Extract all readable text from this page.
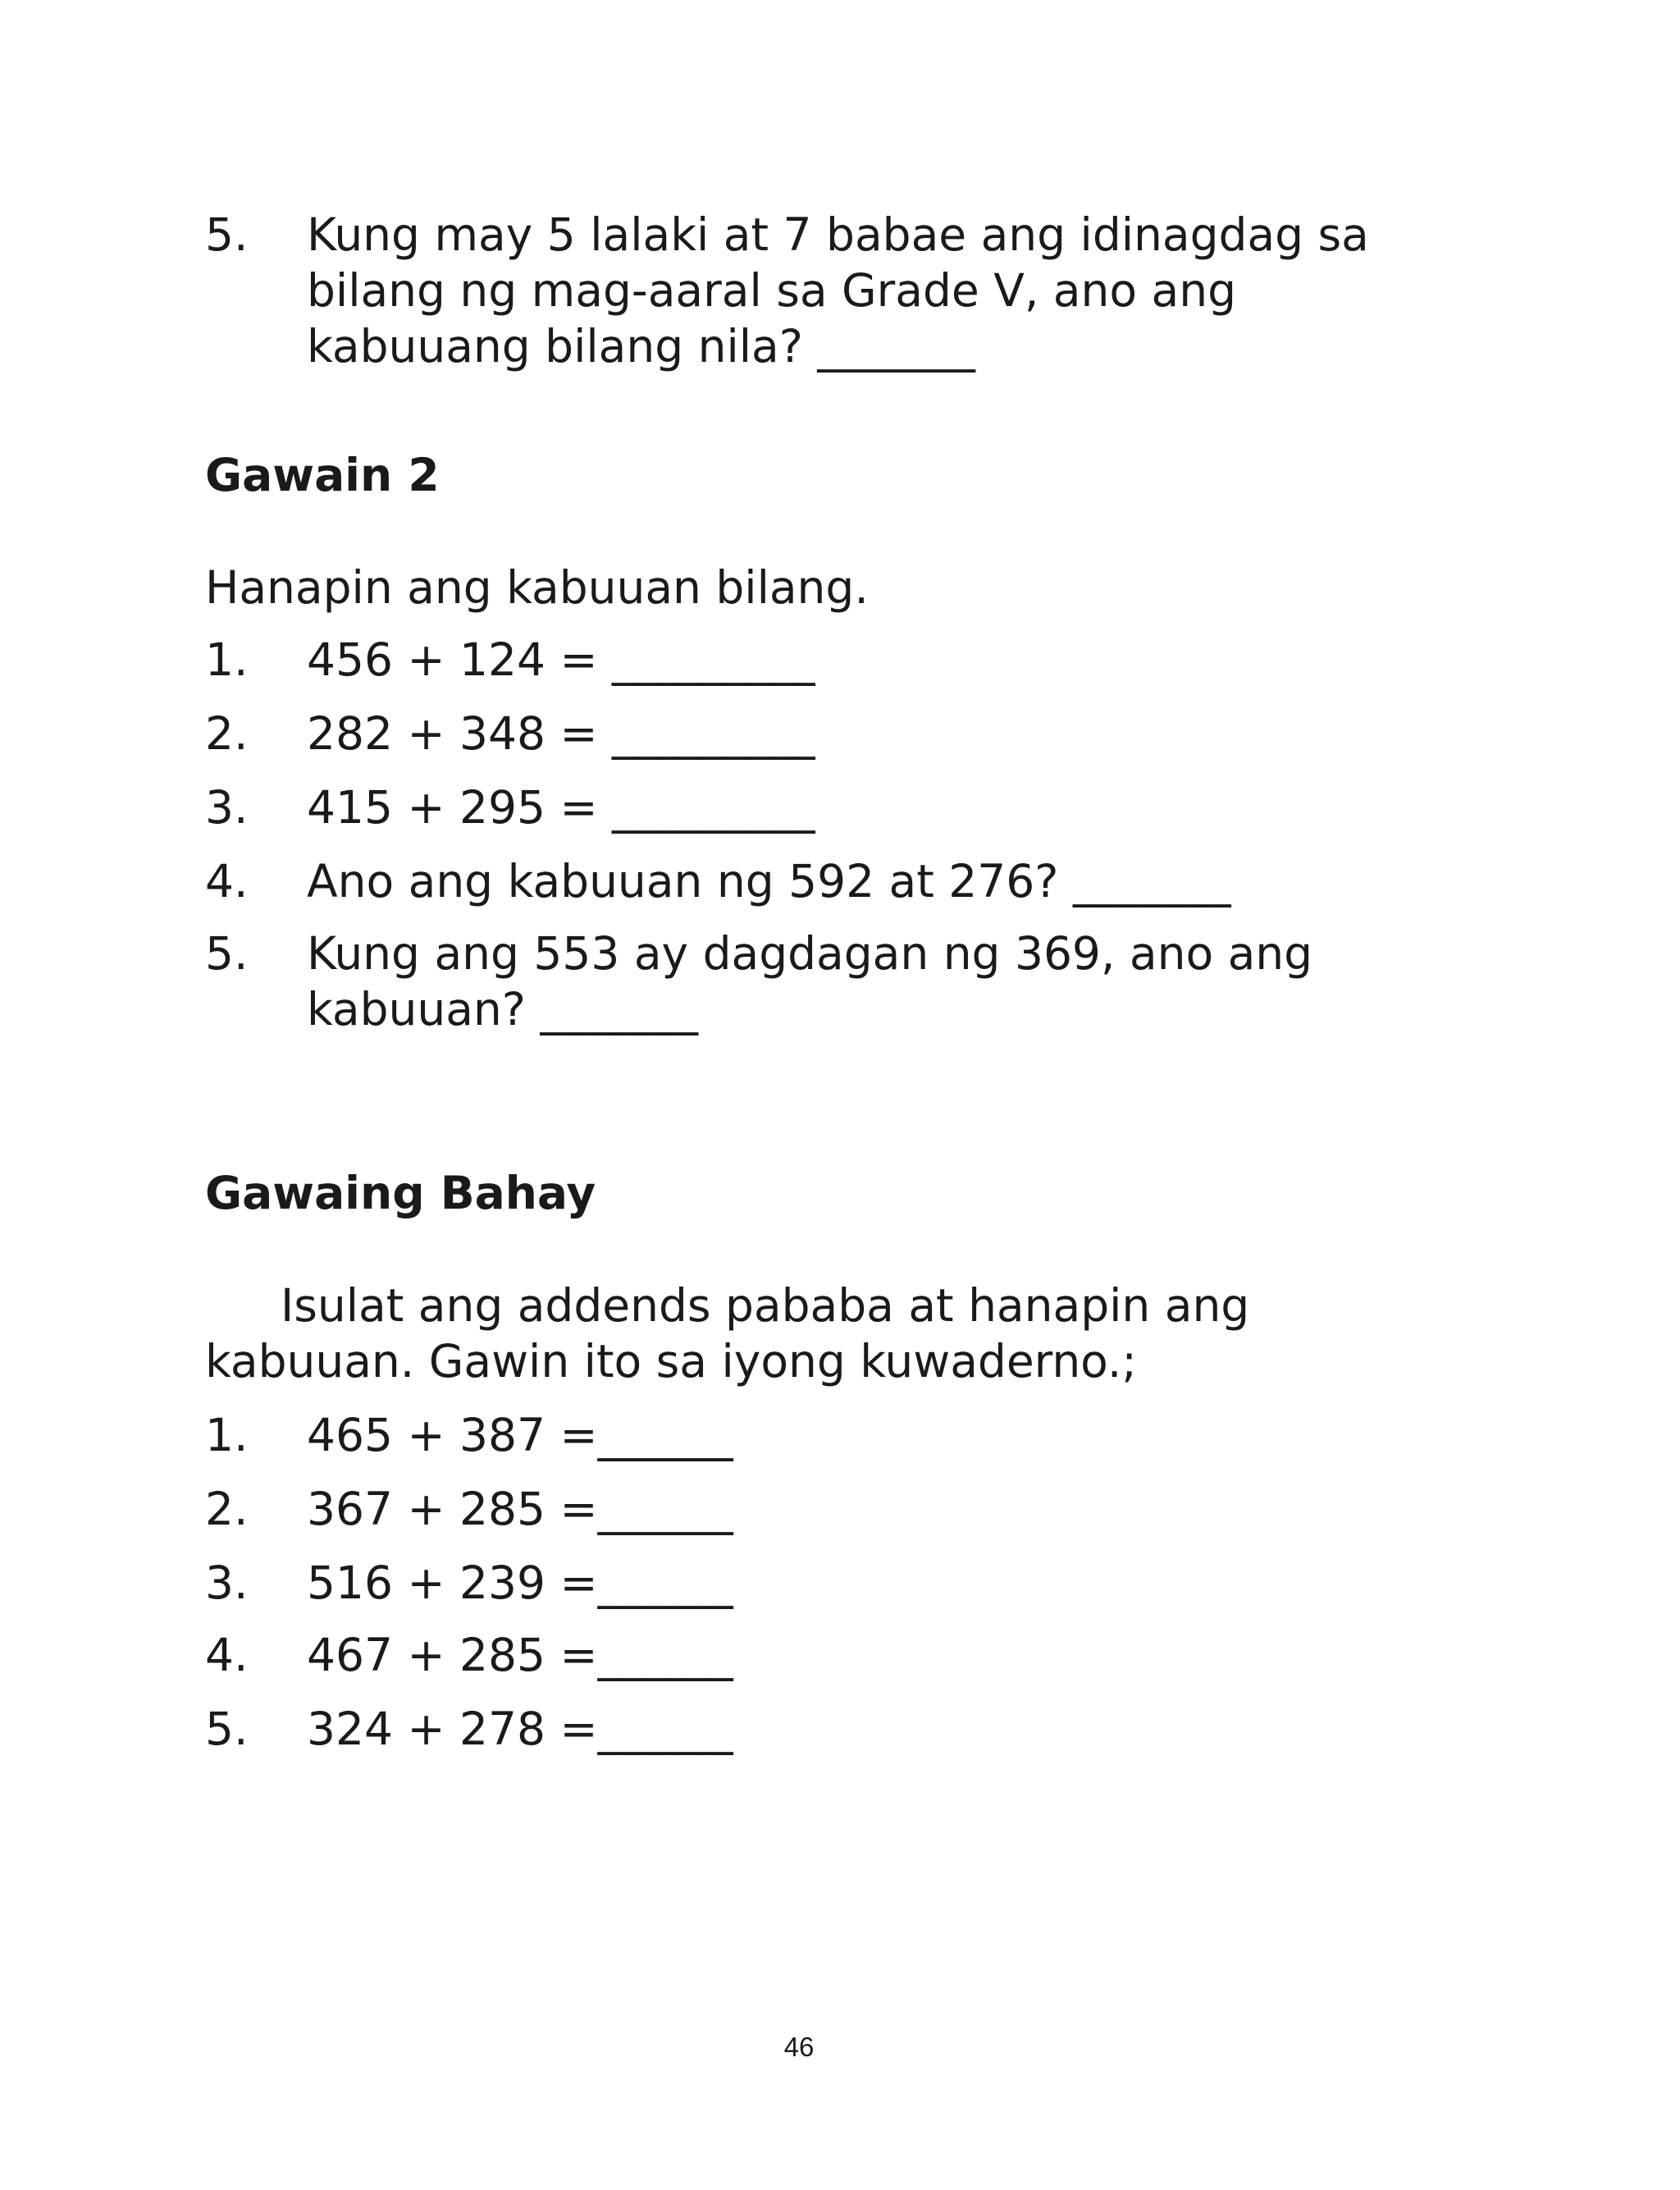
5. Kung may 5 lalaki at 7 babae ang idinagdag sa
bilang ng mag-aaral sa Grade V, ano ang
kabuuang bilang nila? _______
Gawain 2
Hanapin ang kabuuan bilang.
1. 456 + 124 = _________
2. 282 + 348 = _________
3. 415 + 295 = _________
4. Ano ang kabuuan ng 592 at 276? _______
5. Kung ang 553 ay dagdagan ng 369, ano ang
kabuuan? _______
Gawaing Bahay
Isulat ang addends pababa at hanapin ang
kabuuan. Gawin ito sa iyong kuwaderno.;
1. 465 + 387 =______
2. 367 + 285 =______
3. 516 + 239 =______
4. 467 + 285 =______
5. 324 + 278 =______
46
